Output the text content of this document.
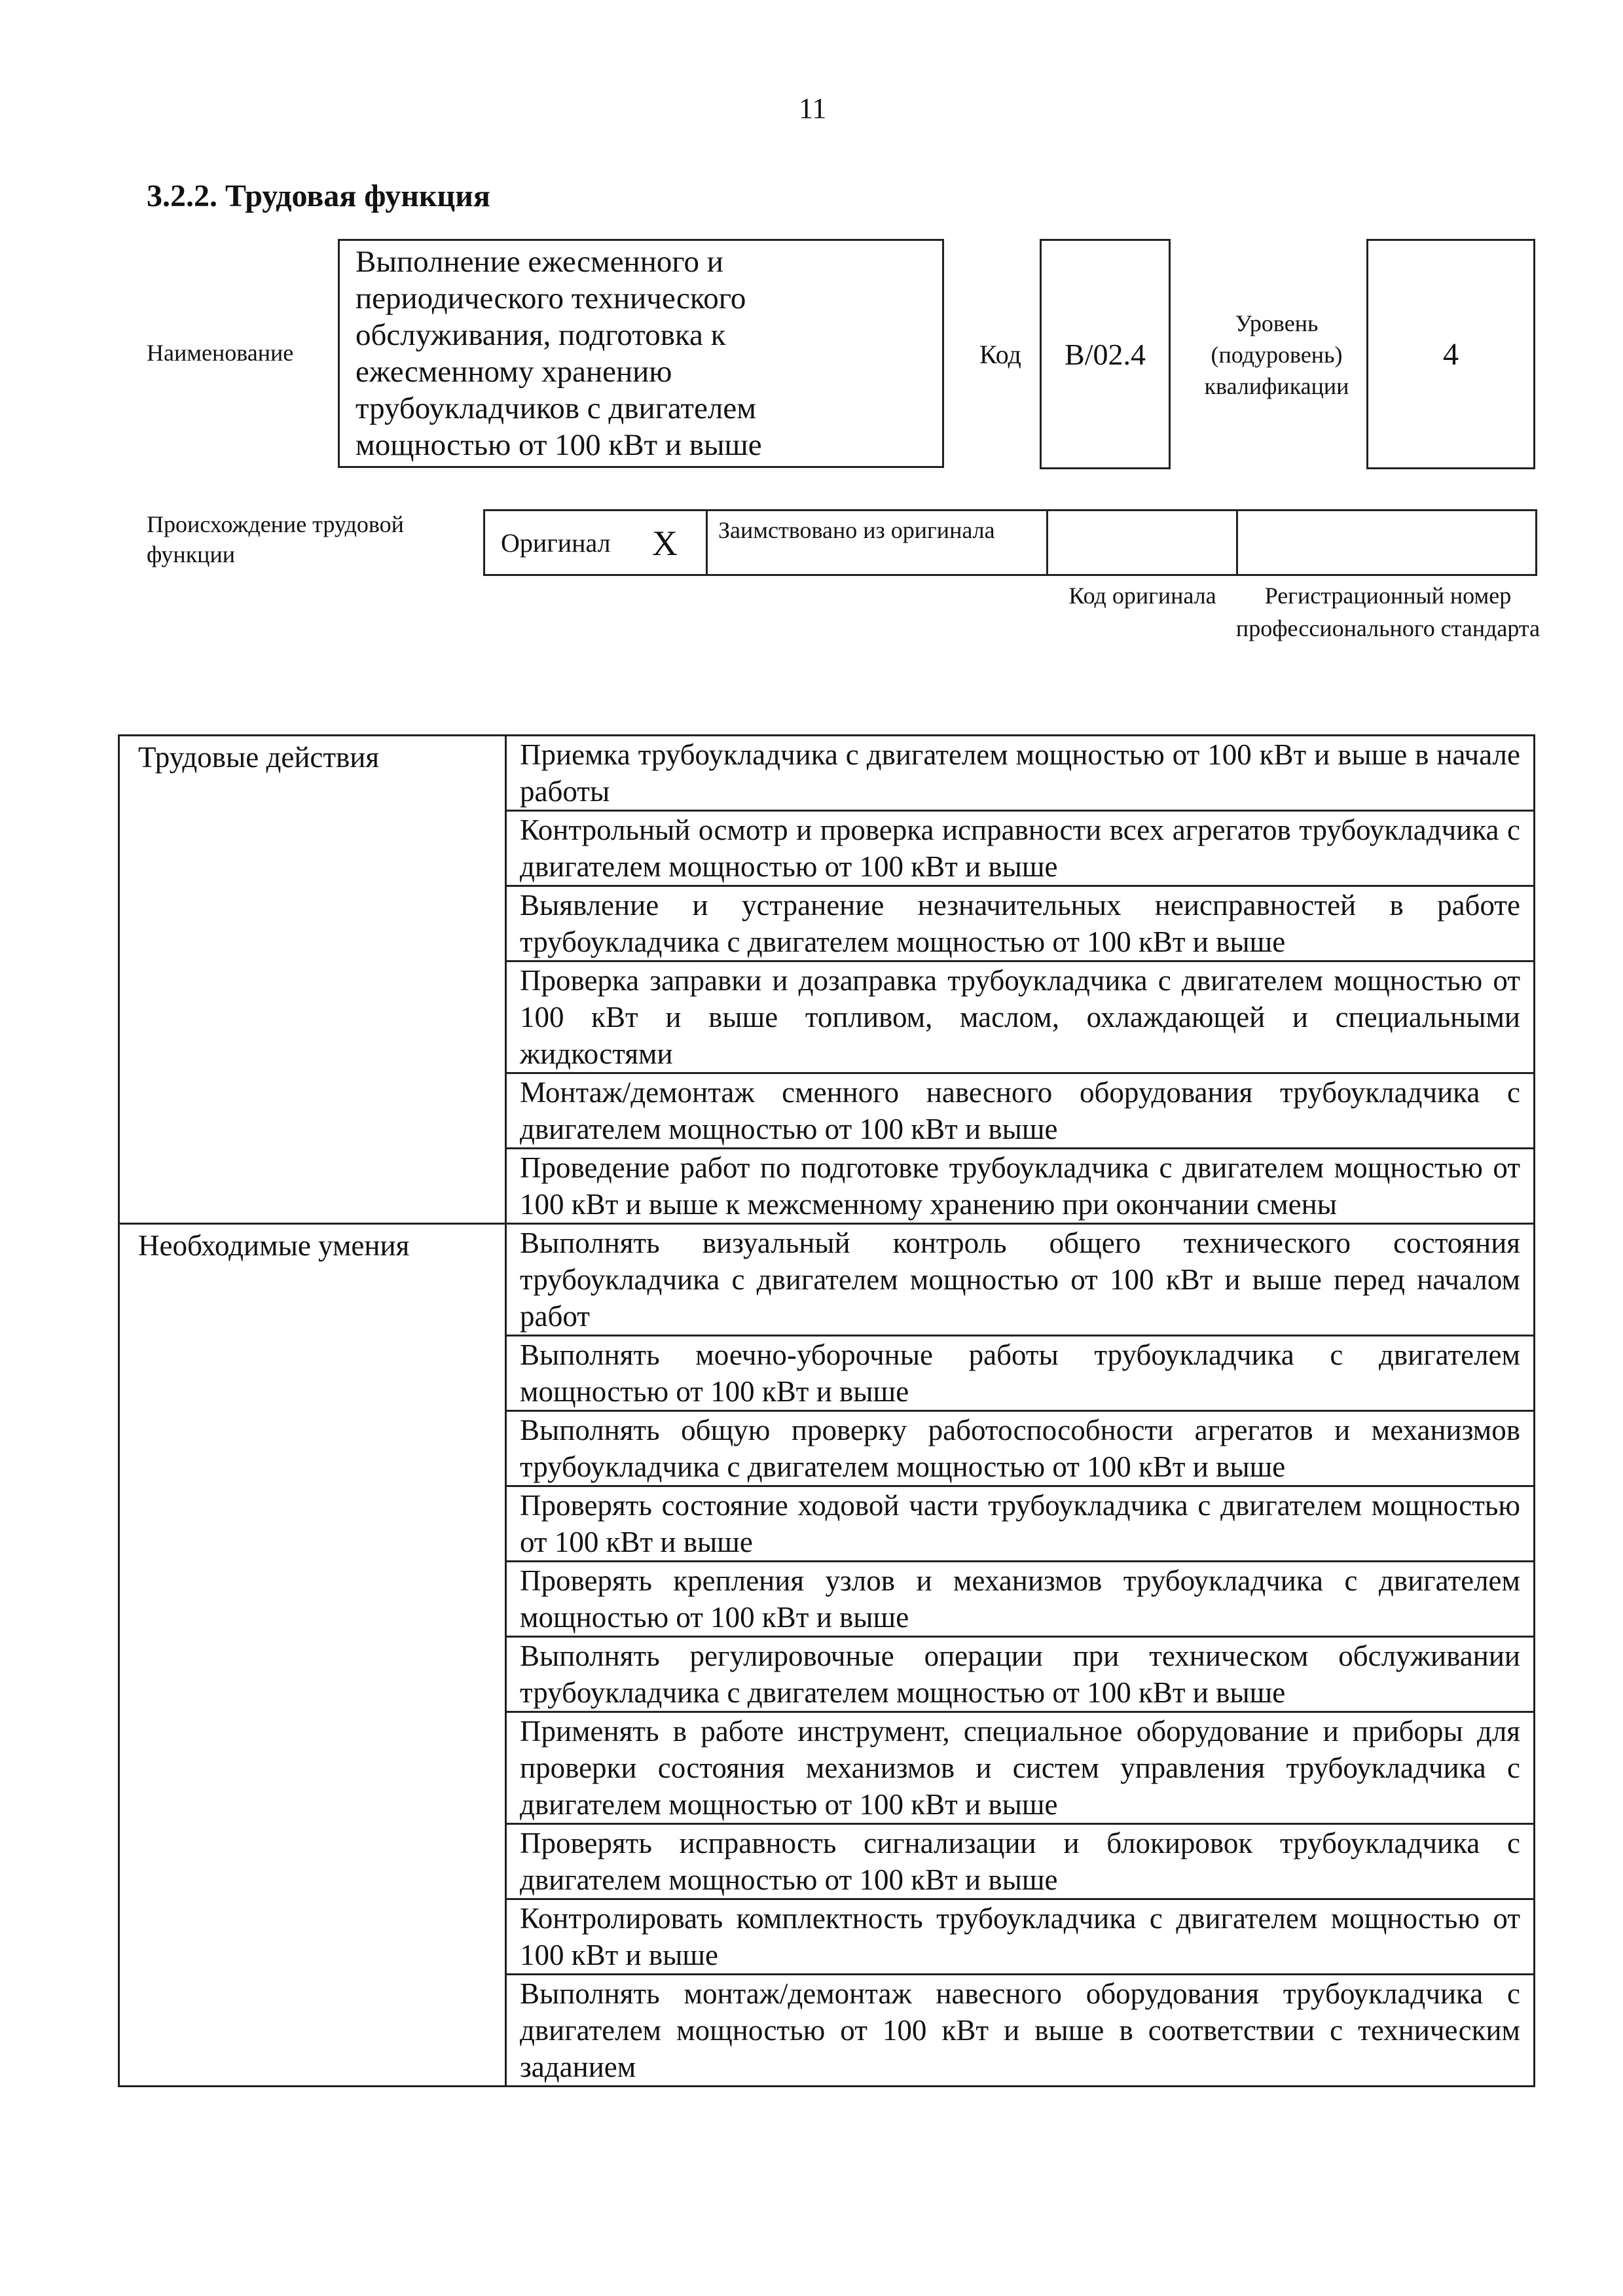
11
3.2.2. Трудовая функция
Наименование
Выполнение ежесменного и
периодического технического
обслуживания, подготовка к
ежесменному хранению
трубоукладчиков с двигателем
мощностью от 100 кВт и выше
Код B/02.4
Уровень (подуровень) квалификации
4
Происхождение трудовой функции	Оригинал X	Заимствовано из оригинала
Код оригинала	Регистрационный номер профессионального стандарта
Трудовые действия	Приемка трубоукладчика с двигателем мощностью от 100 кВт и выше в начале работы
	Контрольный осмотр и проверка исправности всех агрегатов трубоукладчика с двигателем мощностью от 100 кВт и выше
	Выявление и устранение незначительных неисправностей в работе трубоукладчика с двигателем мощностью от 100 кВт и выше
	Проверка заправки и дозаправка трубоукладчика с двигателем мощностью от 100 кВт и выше топливом, маслом, охлаждающей и специальными жидкостями
	Монтаж/демонтаж сменного навесного оборудования трубоукладчика с двигателем мощностью от 100 кВт и выше
	Проведение работ по подготовке трубоукладчика с двигателем мощностью от 100 кВт и выше к межсменному хранению при окончании смены
Необходимые умения	Выполнять визуальный контроль общего технического состояния трубоукладчика с двигателем мощностью от 100 кВт и выше перед началом работ
	Выполнять моечно-уборочные работы трубоукладчика с двигателем мощностью от 100 кВт и выше
	Выполнять общую проверку работоспособности агрегатов и механизмов трубоукладчика с двигателем мощностью от 100 кВт и выше
	Проверять состояние ходовой части трубоукладчика с двигателем мощностью от 100 кВт и выше
	Проверять крепления узлов и механизмов трубоукладчика с двигателем мощностью от 100 кВт и выше
	Выполнять регулировочные операции при техническом обслуживании трубоукладчика с двигателем мощностью от 100 кВт и выше
	Применять в работе инструмент, специальное оборудование и приборы для проверки состояния механизмов и систем управления трубоукладчика с двигателем мощностью от 100 кВт и выше
	Проверять исправность сигнализации и блокировок трубоукладчика с двигателем мощностью от 100 кВт и выше
	Контролировать комплектность трубоукладчика с двигателем мощностью от 100 кВт и выше
	Выполнять монтаж/демонтаж навесного оборудования трубоукладчика с двигателем мощностью от 100 кВт и выше в соответствии с техническим заданием
